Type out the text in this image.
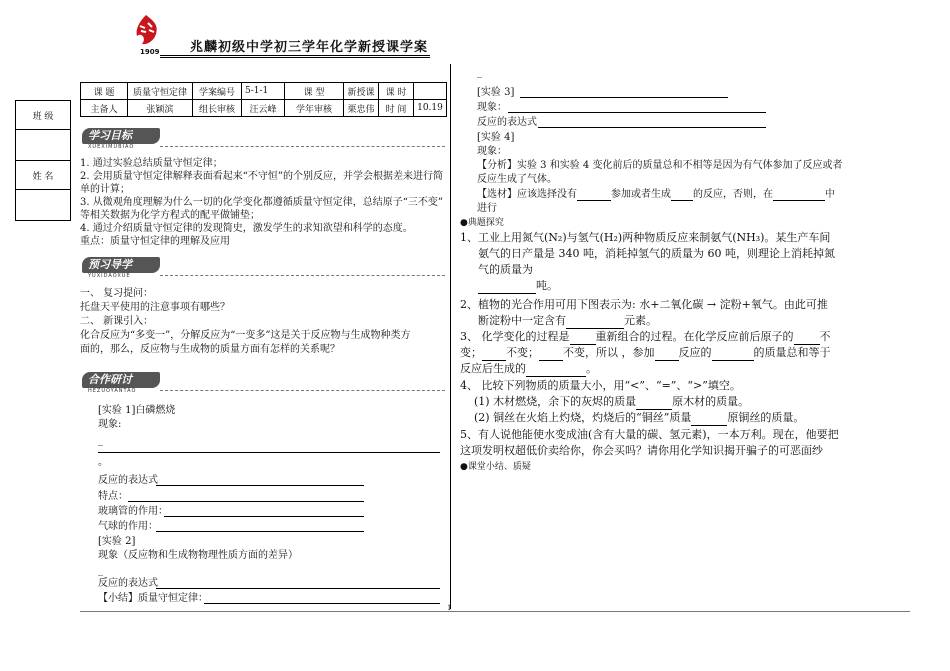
1909 兆麟初级中学初三学年化学新授课学案
课 题	质量守恒定律	学案编号	5-1-1	课 型	新授课	课 时	
主备人	张颖滨	组长审核	汪云峰	学年审核	栗忠伟	时 间	10.19
班 级

姓 名

学习目标
XUEXIMUBIAO
1. 通过实验总结质量守恒定律；
2. 会用质量守恒定律解释表面看起来“不守恒”的个别反应，并学会根据差来进行简
单的计算；
3. 从微观角度理解为什么一切的化学变化都遵循质量守恒定律，总结原子“三不变”
等相关数据为化学方程式的配平做铺垫；
4. 通过介绍质量守恒定律的发现简史，激发学生的求知欲望和科学的态度。
重点：质量守恒定律的理解及应用
预习导学
YUXIDAOXUE
一、 复习提问：
托盘天平使用的注意事项有哪些？
二、 新课引入：
化合反应为“多变一”，分解反应为“一变多”这是关于反应物与生成物种类方
面的，那么，反应物与生成物的质量方面有怎样的关系呢？
合作研讨
HEZUOYANTAO
[实验 1]白磷燃烧
现象:
_
。
反应的表达式
特点：
玻璃管的作用：
气球的作用：
[实验 2]
现象（反应物和生成物物理性质方面的差异）
_
反应的表达式
【小结】质量守恒定律：
_
[实验 3]
现象：
反应的表达式
[实验 4]
现象：
【分析】实验 3 和实验 4 变化前后的质量总和不相等是因为有气体参加了反应或者
反应生成了气体。
【选材】应该选择没有	参加或者生成 的反应，否则，在	中
进行
●典题探究
1、工业上用氮气(N₂)与氢气(H₂)两种物质反应来制氨气(NH₃)。某生产车间
氨气的日产量是 340 吨，消耗掉氢气的质量为 60 吨，则理论上消耗掉氮
气的质量为
吨。
2、植物的光合作用可用下图表示为: 水+二氧化碳 → 淀粉+氧气。由此可推
断淀粉中一定含有	元素。
3、 化学变化的过程是 重新组合的过程。在化学反应前后原子的 不
变； 不变； 不变，所以 ，参加 反应的	的质量总和等于
反应后生成的	。
4、 比较下列物质的质量大小，用“<”、“=”、“>”填空。
(1) 木材燃烧，余下的灰烬的质量	原木材的质量。
(2) 铜丝在火焰上灼烧，灼烧后的“铜丝”质量	原铜丝的质量。
5、有人说他能使水变成油(含有大量的碳、氢元素)，一本万利。现在，他要把
这项发明权超低价卖给你，你会买吗？请你用化学知识揭开骗子的可恶面纱
●课堂小结、质疑
1
